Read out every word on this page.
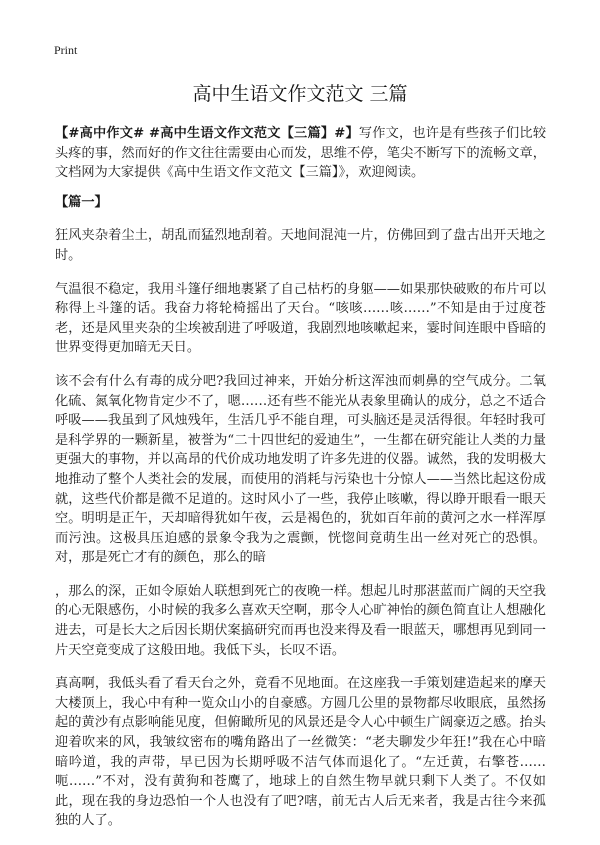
Print
高中生语文作文范文 三篇

【#高中作文# #高中生语文作文范文【三篇】#】写作文，也许是有些孩子们比较头疼的事，然而好的作文往往需要由心而发，思维不停，笔尖不断写下的流畅文章，文档网为大家提供《高中生语文作文范文【三篇】》，欢迎阅读。

【篇一】

狂风夹杂着尘土，胡乱而猛烈地刮着。天地间混沌一片，仿佛回到了盘古出开天地之时。

气温很不稳定，我用斗篷仔细地裹紧了自己枯朽的身躯——如果那快破败的布片可以称得上斗篷的话。我奋力将轮椅摇出了天台。“咳咳……咳……”不知是由于过度苍老，还是风里夹杂的尘埃被刮进了呼吸道，我剧烈地咳嗽起来，霎时间连眼中昏暗的世界变得更加暗无天日。

该不会有什么有毒的成分吧?我回过神来，开始分析这浑浊而刺鼻的空气成分。二氧化硫、氮氧化物肯定少不了，嗯……还有些不能光从表象里确认的成分，总之不适合呼吸——我虽到了风烛残年，生活几乎不能自理，可头脑还是灵活得很。年轻时我可是科学界的一颗新星，被誉为“二十四世纪的爱迪生”，一生都在研究能让人类的力量更强大的事物，并以高昂的代价成功地发明了许多先进的仪器。诚然，我的发明极大地推动了整个人类社会的发展，而使用的消耗与污染也十分惊人——当然比起这份成就，这些代价都是微不足道的。这时风小了一些，我停止咳嗽，得以睁开眼看一眼天空。明明是正午，天却暗得犹如午夜，云是褐色的，犹如百年前的黄河之水一样浑厚而污浊。这极具压迫感的景象令我为之震颤，恍惚间竟萌生出一丝对死亡的恐惧。对，那是死亡才有的颜色，那么的暗

，那么的深，正如令原始人联想到死亡的夜晚一样。想起儿时那湛蓝而广阔的天空我的心无限感伤，小时候的我多么喜欢天空啊，那令人心旷神怡的颜色简直让人想融化进去，可是长大之后因长期伏案搞研究而再也没来得及看一眼蓝天，哪想再见到同一片天空竟变成了这般田地。我低下头，长叹不语。

真高啊，我低头看了看天台之外，竟看不见地面。在这座我一手策划建造起来的摩天大楼顶上，我心中有种一览众山小的自豪感。方圆几公里的景物都尽收眼底，虽然扬起的黄沙有点影响能见度，但俯瞰所见的风景还是令人心中顿生广阔豪迈之感。抬头迎着吹来的风，我皱纹密布的嘴角路出了一丝微笑：“老夫聊发少年狂!”我在心中暗暗吟道，我的声带，早已因为长期呼吸不洁气体而退化了。“左迁黄，右擎苍……呃……”不对，没有黄狗和苍鹰了，地球上的自然生物早就只剩下人类了。不仅如此，现在我的身边恐怕一个人也没有了吧?嗐，前无古人后无来者，我是古往今来孤独的人了。
